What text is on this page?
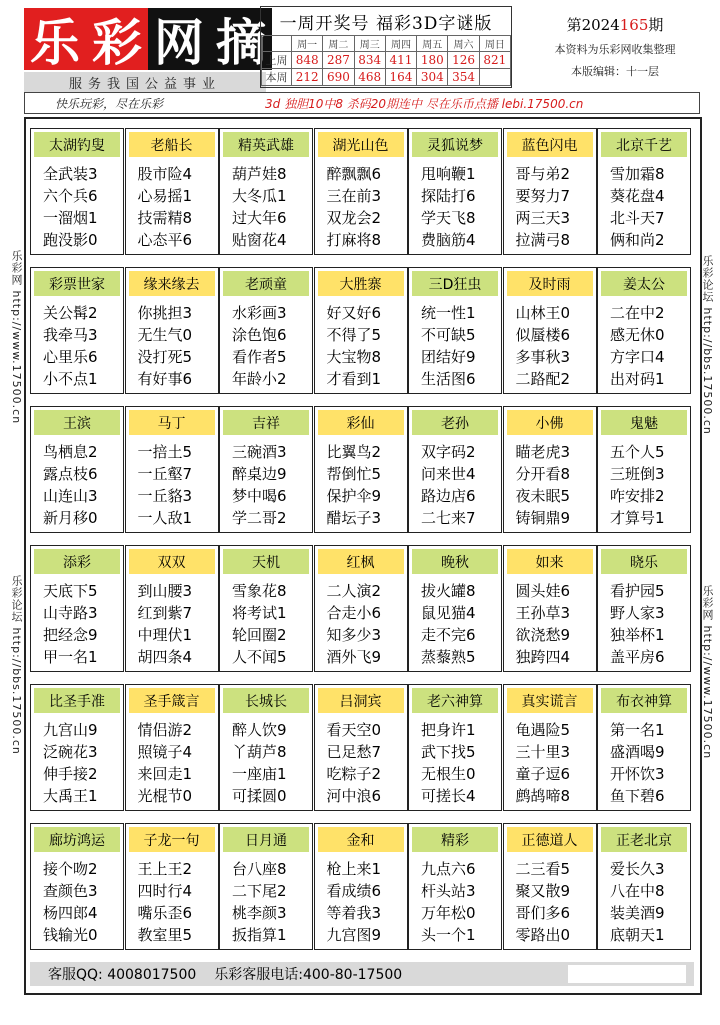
乐 彩 网 摘
服务我国公益事业
一周开奖号 福彩3D字谜版
	周一	周二	周三	周四	周五	周六	周日
上周	848	287	834	411	180	126	821
本周	212	690	468	164	304	354	
第2024165期
本资料为乐彩网收集整理
本版编辑：十一层
快乐玩彩，尽在乐彩	3d 独胆10中8 杀码20期连中 尽在乐币点播 lebi.17500.cn
乐彩网 http://www.17500.cn
乐彩论坛 http://bbs.17500.cn
乐彩论坛 http://bbs.17500.cn
乐彩网 http://www.17500.cn
太湖钓叟
全武装3
六个兵6
一溜烟1
跑没影0
老船长
股市险4
心易摇1
技需精8
心态平6
精英武雄
葫芦娃8
大冬瓜1
过大年6
贴窗花4
湖光山色
醉飘飘6
三在前3
双龙会2
打麻将8
灵狐说梦
甩响鞭1
探陆打6
学天飞8
费脑筋4
蓝色闪电
哥与弟2
要努力7
两三天3
拉满弓8
北京千艺
雪加霜8
葵花盘4
北斗天7
俩和尚2
彩票世家
关公髯2
我牵马3
心里乐6
小不点1
缘来缘去
你挑担3
无生气0
没打死5
有好事6
老顽童
水彩画3
涂色饱6
看作者5
年龄小2
大胜寨
好又好6
不得了5
大宝物8
才看到1
三D狂虫
统一性1
不可缺5
团结好9
生活图6
及时雨
山林王0
似蜃楼6
多事秋3
二路配2
姜太公
二在中2
感无休0
方字口4
出对码1
王滨
鸟栖息2
露点枝6
山连山3
新月移0
马丁
一掊土5
一丘壑7
一丘貉3
一人敌1
吉祥
三碗酒3
醉桌边9
梦中喝6
学二哥2
彩仙
比翼鸟2
帮倒忙5
保护伞9
醋坛子3
老孙
双字码2
问来世4
路边店6
二七来7
小佛
瞄老虎3
分开看8
夜未眠5
铸铜鼎9
鬼魅
五个人5
三班倒3
咋安排2
才算号1
添彩
天底下5
山寺路3
把经念9
甲一名1
双双
到山腰3
红到紫7
中理伏1
胡四条4
天机
雪象花8
将考试1
轮回圈2
人不闻5
红枫
二人演2
合走小6
知多少3
酒外飞9
晚秋
拔火罐8
鼠见猫4
走不完6
蒸藜熟5
如来
圆头娃6
王孙草3
欲浇愁9
独跨四4
晓乐
看护园5
野人家3
独举杯1
盖平房6
比圣手准
九宫山9
泛碗花3
伸手接2
大禹王1
圣手箴言
情侣游2
照镜子4
来回走1
光棍节0
长城长
醉人饮9
丫葫芦8
一座庙1
可揉圆0
吕洞宾
看天空0
已足愁7
吃粽子2
河中浪6
老六神算
把身许1
武下找5
无根生0
可搓长4
真实谎言
龟遇险5
三十里3
童子逗6
鹧鸪啼8
布衣神算
第一名1
盛酒喝9
开怀饮3
鱼下碧6
廊坊鸿运
接个吻2
查颜色3
杨四郎4
钱输光0
子龙一句
王上王2
四时行4
嘴乐歪6
教室里5
日月通
台八座8
二下尾2
桃李颜3
扳指算1
金和
枪上来1
看成绩6
等着我3
九宫图9
精彩
九点六6
杆头站3
万年松0
头一个1
正德道人
二三看5
聚又散9
哥们多6
零路出0
正老北京
爱长久3
八在中8
装美酒9
底朝天1
客服QQ: 4008017500 乐彩客服电话:400-80-17500
